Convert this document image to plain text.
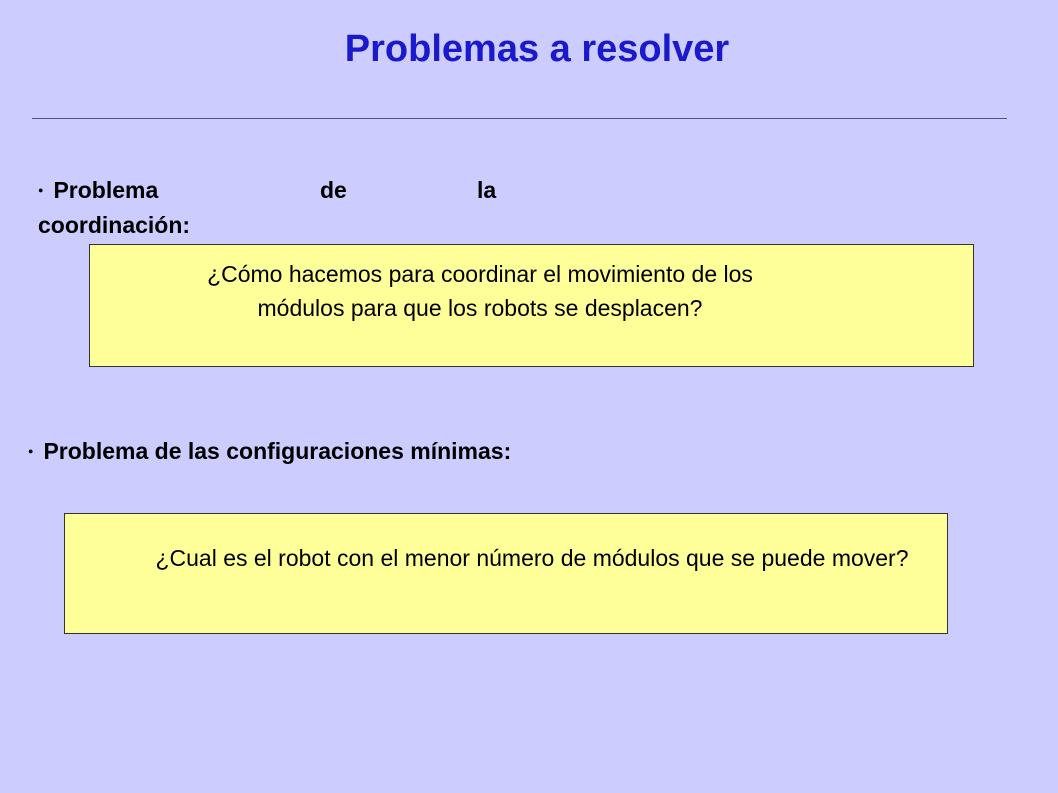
Problemas a resolver
● Problema	de	la
coordinación:
¿Cómo hacemos para coordinar el movimiento de los módulos para que los robots se desplacen?
● Problema de las configuraciones mínimas:
¿Cual es el robot con el menor número de módulos que se puede mover?
